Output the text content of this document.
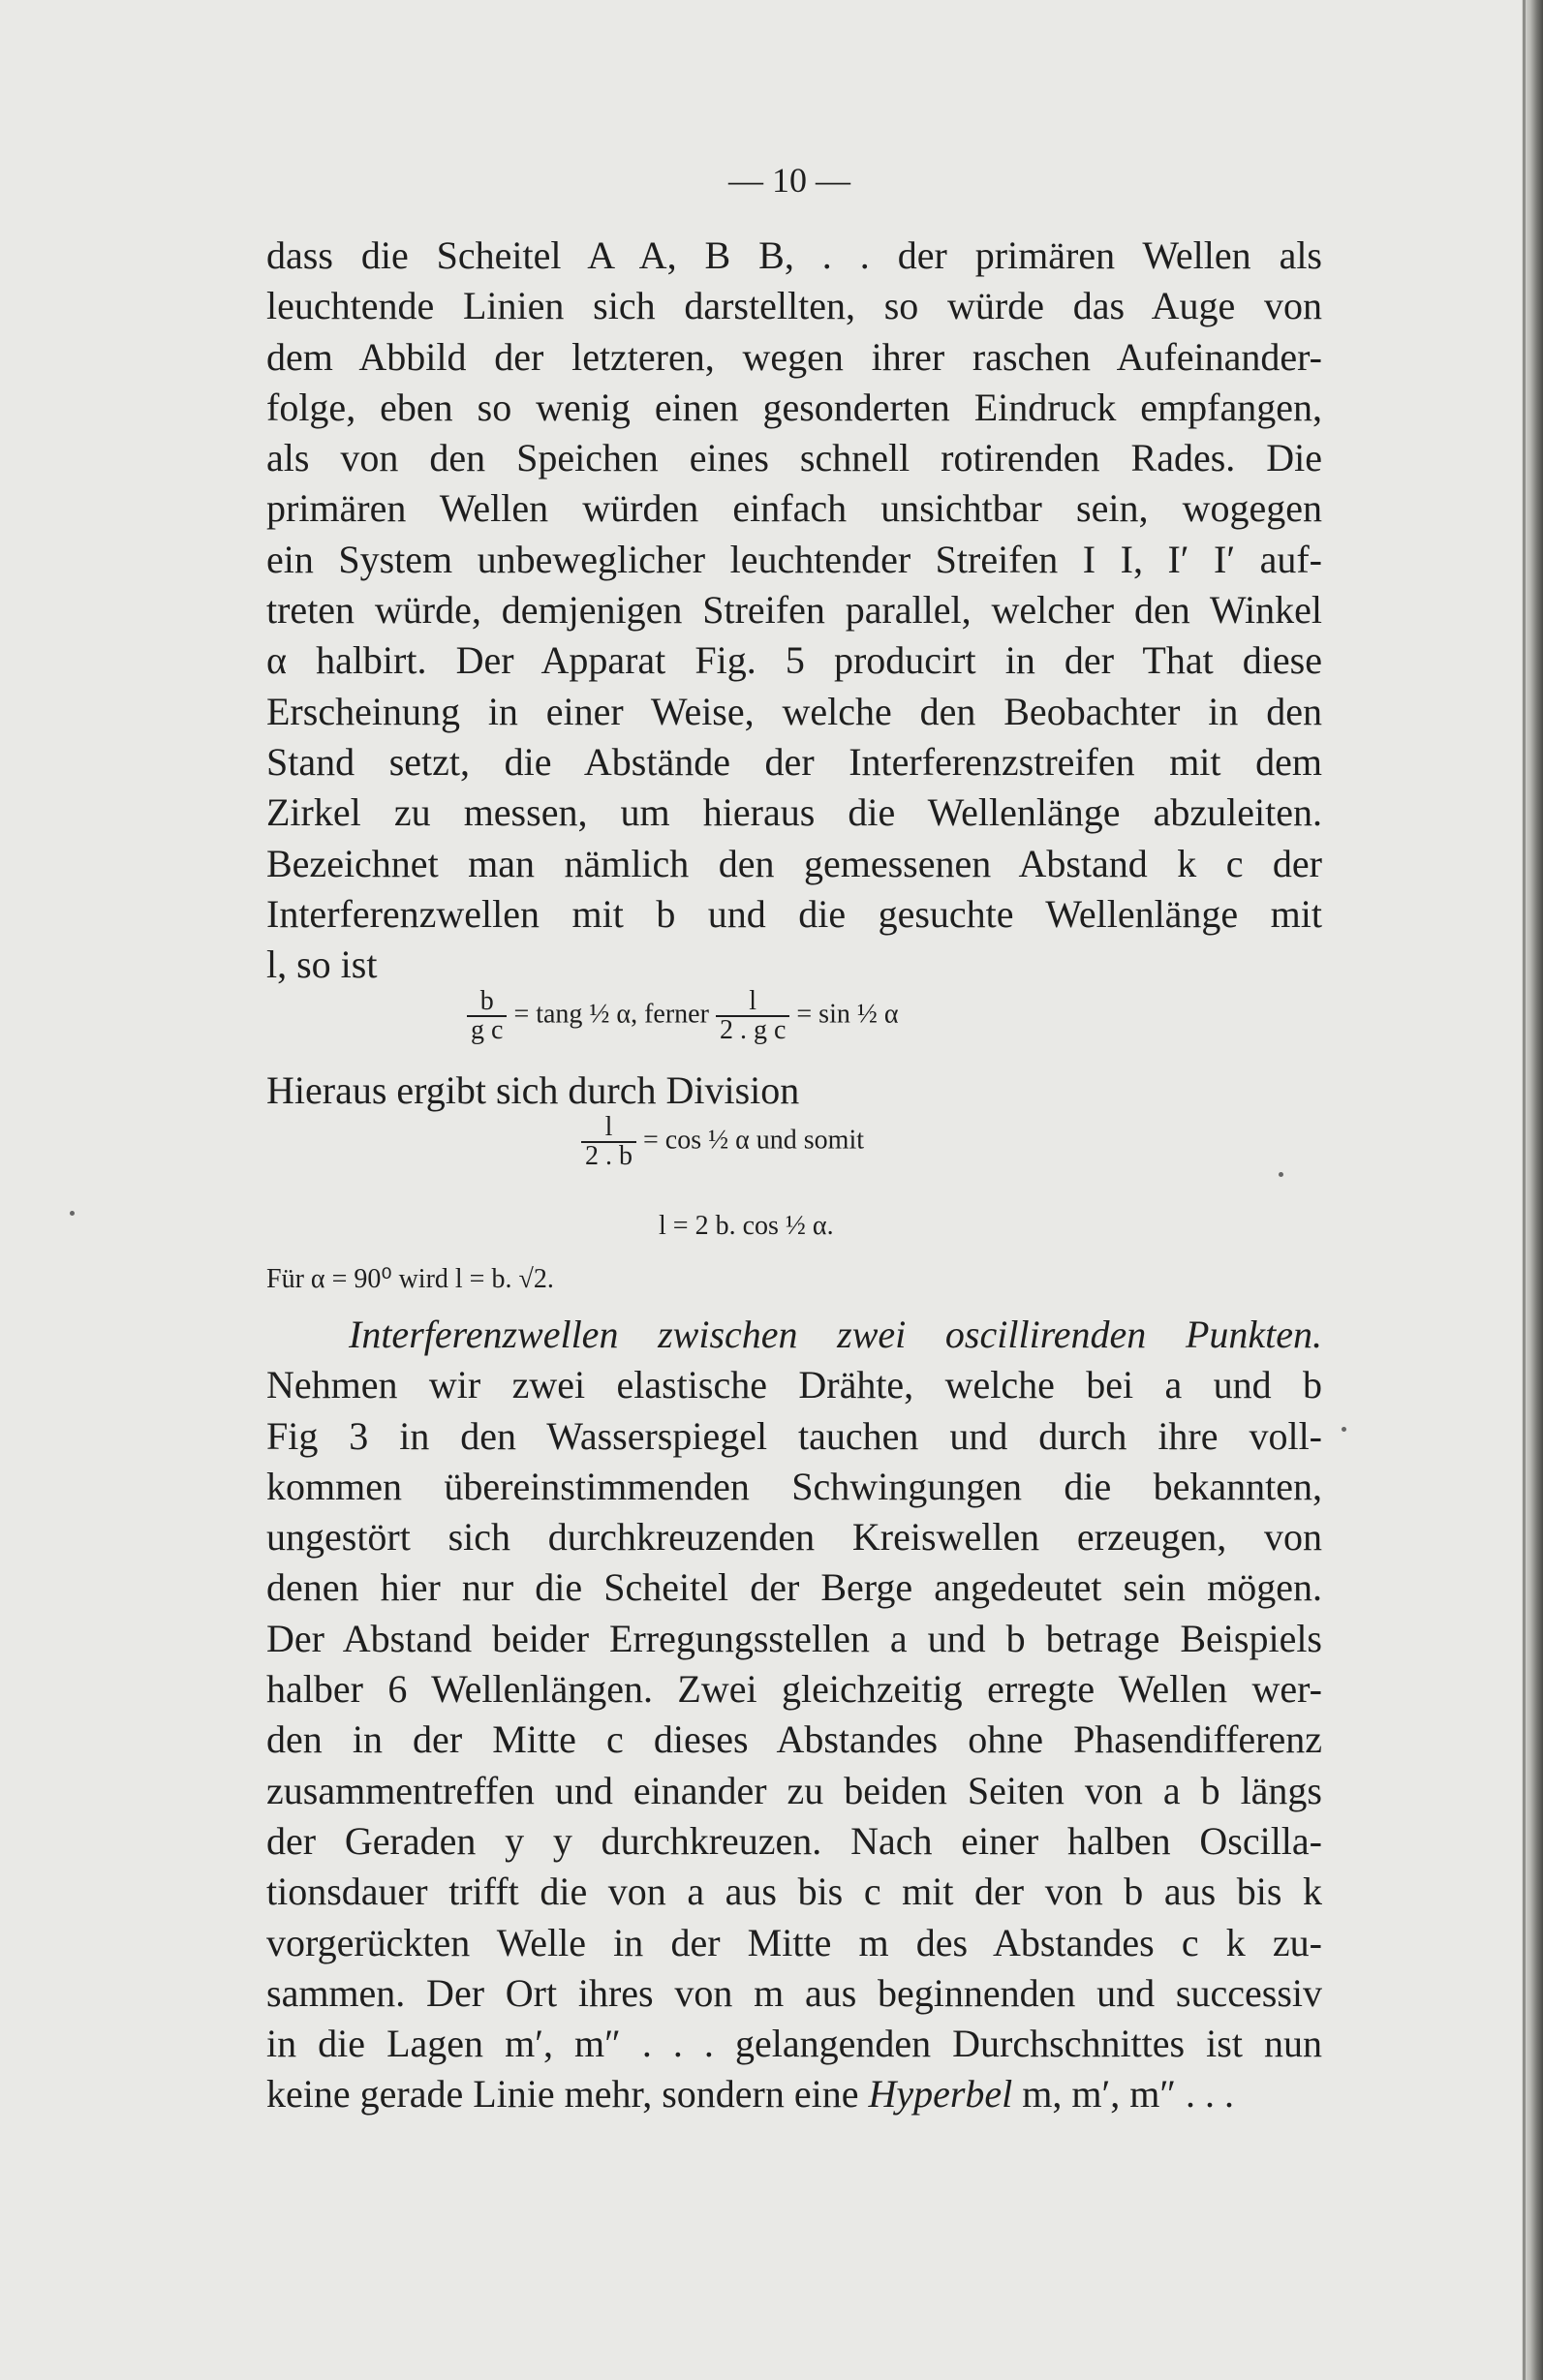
— 10 —
dass die Scheitel A A, B B, . . der primären Wellen als
leuchtende Linien sich darstellten, so würde das Auge von
dem Abbild der letzteren, wegen ihrer raschen Aufeinander-
folge, eben so wenig einen gesonderten Eindruck empfangen,
als von den Speichen eines schnell rotirenden Rades. Die
primären Wellen würden einfach unsichtbar sein, wogegen
ein System unbeweglicher leuchtender Streifen I I, I′ I′ auf-
treten würde, demjenigen Streifen parallel, welcher den Winkel
α halbirt. Der Apparat Fig. 5 producirt in der That diese
Erscheinung in einer Weise, welche den Beobachter in den
Stand setzt, die Abstände der Interferenzstreifen mit dem
Zirkel zu messen, um hieraus die Wellenlänge abzuleiten.
Bezeichnet man nämlich den gemessenen Abstand k c der
Interferenzwellen mit b und die gesuchte Wellenlänge mit
l, so ist
$\frac{b}{\text{g c}} = \tan g$ ½ α, ferner $\frac{l}{\text{2 . g c}} = \sin$ ½ α
Hieraus ergibt sich durch Division
$\frac{l}{2 . b} = \cos$ ½ α und somit
l = 2 b. cos ½ α.
Für α = 90⁰ wird l = b. √2.
Interferenzwellen zwischen zwei oscillirenden Punkten.
Nehmen wir zwei elastische Drähte, welche bei a und b
Fig 3 in den Wasserspiegel tauchen und durch ihre voll-
kommen übereinstimmenden Schwingungen die bekannten,
ungestört sich durchkreuzenden Kreiswellen erzeugen, von
denen hier nur die Scheitel der Berge angedeutet sein mögen.
Der Abstand beider Erregungsstellen a und b betrage Beispiels
halber 6 Wellenlängen. Zwei gleichzeitig erregte Wellen wer-
den in der Mitte c dieses Abstandes ohne Phasendifferenz
zusammentreffen und einander zu beiden Seiten von a b längs
der Geraden y y durchkreuzen. Nach einer halben Oscilla-
tionsdauer trifft die von a aus bis c mit der von b aus bis k
vorgerückten Welle in der Mitte m des Abstandes c k zu-
sammen. Der Ort ihres von m aus beginnenden und successiv
in die Lagen m′, m″ . . . gelangenden Durchschnittes ist nun
keine gerade Linie mehr, sondern eine Hyperbel m, m′, m″ . . .
